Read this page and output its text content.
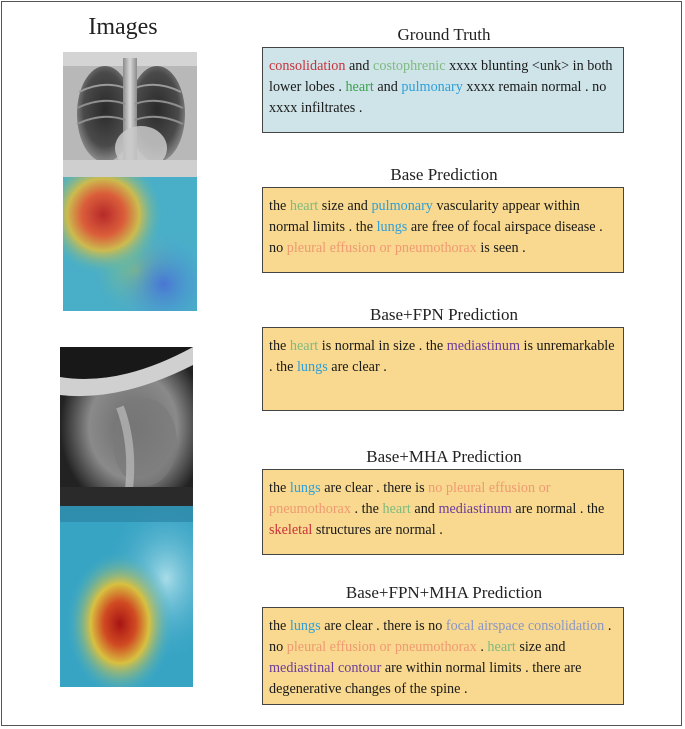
Images	Ground Truth
Base Prediction
Base+FPN Prediction
Base+MHA Prediction
Base+FPN+MHA Prediction
consolidation and costophrenic xxxx blunting <unk> in both lower lobes . heart and pulmonary xxxx remain normal . no xxxx infiltrates .
the heart size and pulmonary vascularity appear within normal limits . the lungs are free of focal airspace disease . no pleural effusion or pneumothorax is seen .
the heart is normal in size . the mediastinum is unremarkable . the lungs are clear .
the lungs are clear . there is no pleural effusion or pneumothorax . the heart and mediastinum are normal . the skeletal structures are normal .
the lungs are clear . there is no focal airspace consolidation . no pleural effusion or pneumothorax . heart size and mediastinal contour are within normal limits . there are degenerative changes of the spine .
